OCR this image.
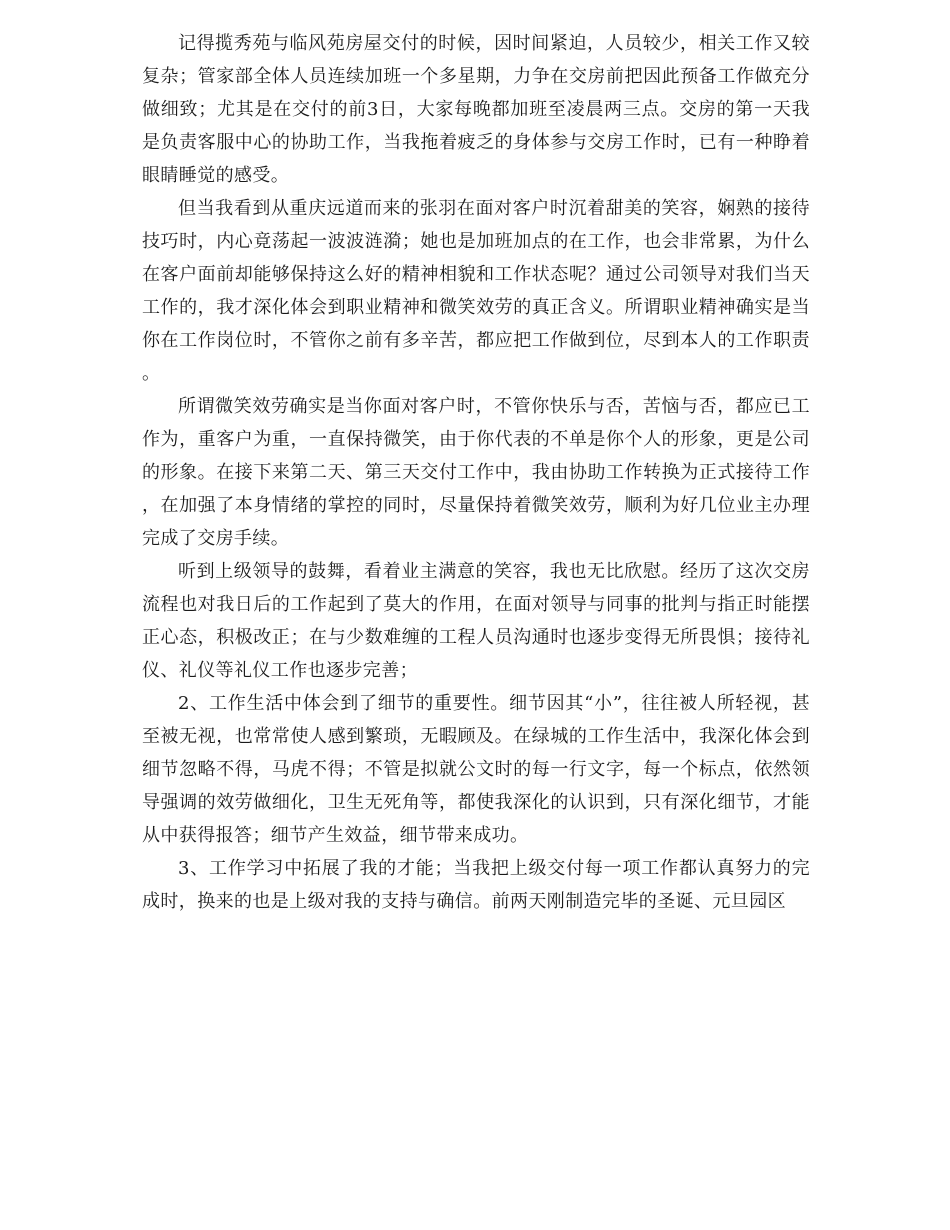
记得揽秀苑与临风苑房屋交付的时候，因时间紧迫，人员较少，相关工作又较复杂；管家部全体人员连续加班一个多星期，力争在交房前把因此预备工作做充分做细致；尤其是在交付的前3日，大家每晚都加班至凌晨两三点。交房的第一天我是负责客服中心的协助工作，当我拖着疲乏的身体参与交房工作时，已有一种睁着眼睛睡觉的感受。

但当我看到从重庆远道而来的张羽在面对客户时沉着甜美的笑容，娴熟的接待技巧时，内心竟荡起一波波涟漪；她也是加班加点的在工作，也会非常累，为什么在客户面前却能够保持这么好的精神相貌和工作状态呢？通过公司领导对我们当天工作的，我才深化体会到职业精神和微笑效劳的真正含义。所谓职业精神确实是当你在工作岗位时，不管你之前有多辛苦，都应把工作做到位，尽到本人的工作职责。

所谓微笑效劳确实是当你面对客户时，不管你快乐与否，苦恼与否，都应已工作为，重客户为重，一直保持微笑，由于你代表的不单是你个人的形象，更是公司的形象。在接下来第二天、第三天交付工作中，我由协助工作转换为正式接待工作，在加强了本身情绪的掌控的同时，尽量保持着微笑效劳，顺利为好几位业主办理完成了交房手续。

听到上级领导的鼓舞，看着业主满意的笑容，我也无比欣慰。经历了这次交房流程也对我日后的工作起到了莫大的作用，在面对领导与同事的批判与指正时能摆正心态，积极改正；在与少数难缠的工程人员沟通时也逐步变得无所畏惧；接待礼仪、礼仪等礼仪工作也逐步完善；

2、工作生活中体会到了细节的重要性。细节因其“小”，往往被人所轻视，甚至被无视，也常常使人感到繁琐，无暇顾及。在绿城的工作生活中，我深化体会到细节忽略不得，马虎不得；不管是拟就公文时的每一行文字，每一个标点，依然领导强调的效劳做细化，卫生无死角等，都使我深化的认识到，只有深化细节，才能从中获得报答；细节产生效益，细节带来成功。

3、工作学习中拓展了我的才能；当我把上级交付每一项工作都认真努力的完成时，换来的也是上级对我的支持与确信。前两天刚制造完毕的圣诞、元旦园区
